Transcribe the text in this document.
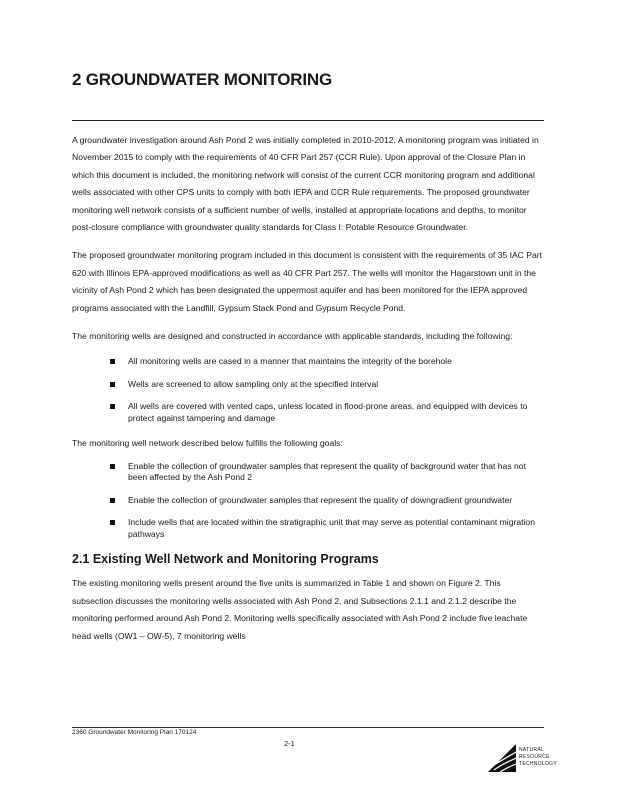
2 GROUNDWATER MONITORING

A groundwater investigation around Ash Pond 2 was initially completed in 2010-2012. A monitoring program was initiated in November 2015 to comply with the requirements of 40 CFR Part 257 (CCR Rule). Upon approval of the Closure Plan in which this document is included, the monitoring network will consist of the current CCR monitoring program and additional wells associated with other CPS units to comply with both IEPA and CCR Rule requirements. The proposed groundwater monitoring well network consists of a sufficient number of wells, installed at appropriate locations and depths, to monitor post-closure compliance with groundwater quality standards for Class I: Potable Resource Groundwater.

The proposed groundwater monitoring program included in this document is consistent with the requirements of 35 IAC Part 620 with Illinois EPA-approved modifications as well as 40 CFR Part 257. The wells will monitor the Hagarstown unit in the vicinity of Ash Pond 2 which has been designated the uppermost aquifer and has been monitored for the IEPA approved programs associated with the Landfill, Gypsum Stack Pond and Gypsum Recycle Pond.

The monitoring wells are designed and constructed in accordance with applicable standards, including the following:

All monitoring wells are cased in a manner that maintains the integrity of the borehole
Wells are screened to allow sampling only at the specified interval
All wells are covered with vented caps, unless located in flood-prone areas, and equipped with devices to protect against tampering and damage

The monitoring well network described below fulfills the following goals:

Enable the collection of groundwater samples that represent the quality of background water that has not been affected by the Ash Pond 2
Enable the collection of groundwater samples that represent the quality of downgradient groundwater
Include wells that are located within the stratigraphic unit that may serve as potential contaminant migration pathways
2.1 Existing Well Network and Monitoring Programs

The existing monitoring wells present around the five units is summarized in Table 1 and shown on Figure 2. This subsection discusses the monitoring wells associated with Ash Pond 2, and Subsections 2.1.1 and 2.1.2 describe the monitoring performed around Ash Pond 2. Monitoring wells specifically associated with Ash Pond 2 include five leachate head wells (OW1 – OW-5), 7 monitoring wells

2360 Groundwater Monitoring Plan 170124
2-1
NATURAL
RESOURCE
TECHNOLOGY
